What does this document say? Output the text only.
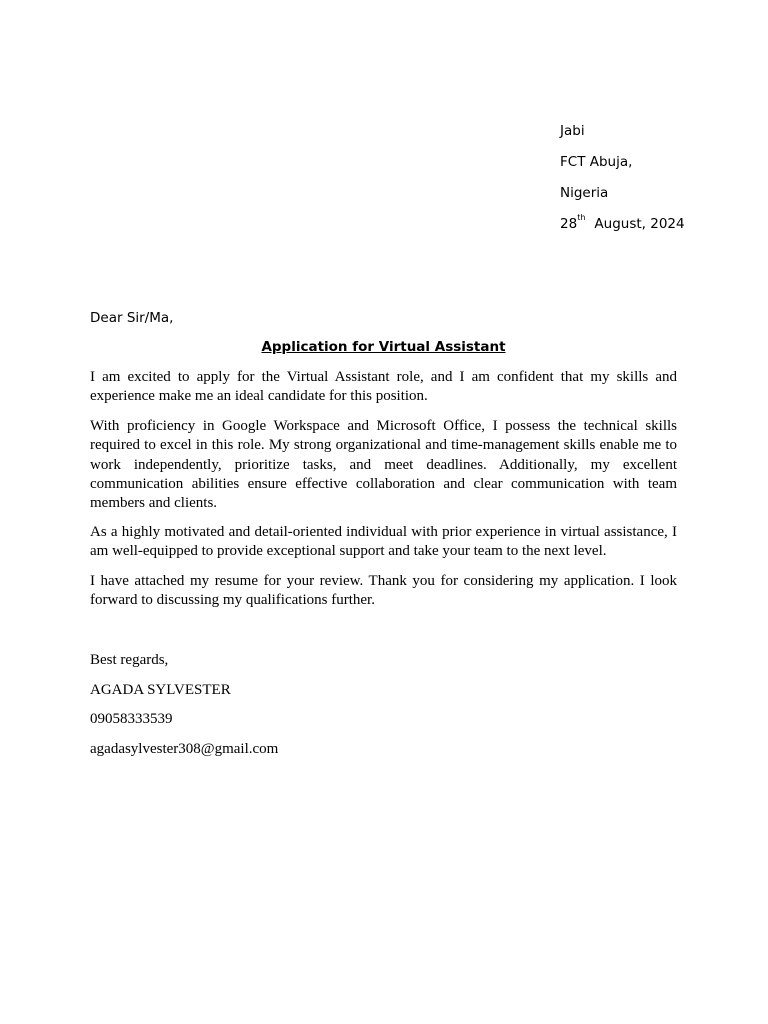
Jabi
FCT Abuja,
Nigeria
28th August, 2024
Dear Sir/Ma,
Application for Virtual Assistant

I am excited to apply for the Virtual Assistant role, and I am confident that my skills and experience make me an ideal candidate for this position.

With proficiency in Google Workspace and Microsoft Office, I possess the technical skills required to excel in this role. My strong organizational and time-management skills enable me to work independently, prioritize tasks, and meet deadlines. Additionally, my excellent communication abilities ensure effective collaboration and clear communication with team members and clients.

As a highly motivated and detail-oriented individual with prior experience in virtual assistance, I am well-equipped to provide exceptional support and take your team to the next level.

I have attached my resume for your review. Thank you for considering my application. I look forward to discussing my qualifications further.

Best regards,
AGADA SYLVESTER
09058333539
agadasylvester308@gmail.com
